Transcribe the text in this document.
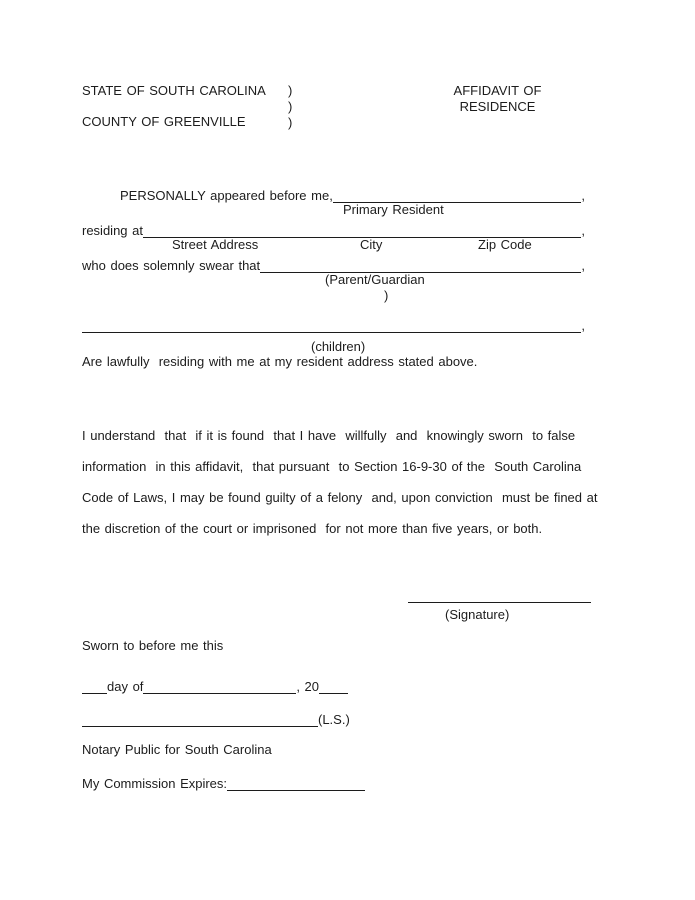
STATE OF SOUTH CAROLINA
COUNTY OF GREENVILLE
)
)
)
AFFIDAVIT OF
RESIDENCE
PERSONALLY appeared before me,	,
Primary Resident
residing at	,
Street Address	City	Zip Code
who does solemnly swear that	,
(Parent/Guardian
)
,
(children)
Are lawfully  residing with me at my resident address stated above.
I understand  that  if it is found  that I have  willfully  and  knowingly sworn  to false
information  in this affidavit,  that pursuant  to Section 16-9-30 of the  South Carolina
Code of Laws, I may be found guilty of a felony  and, upon conviction  must be fined at
the discretion of the court or imprisoned  for not more than five years, or both.
(Signature)
Sworn to before me this
day of	, 20
(L.S.)
Notary Public for South Carolina
My Commission Expires:
